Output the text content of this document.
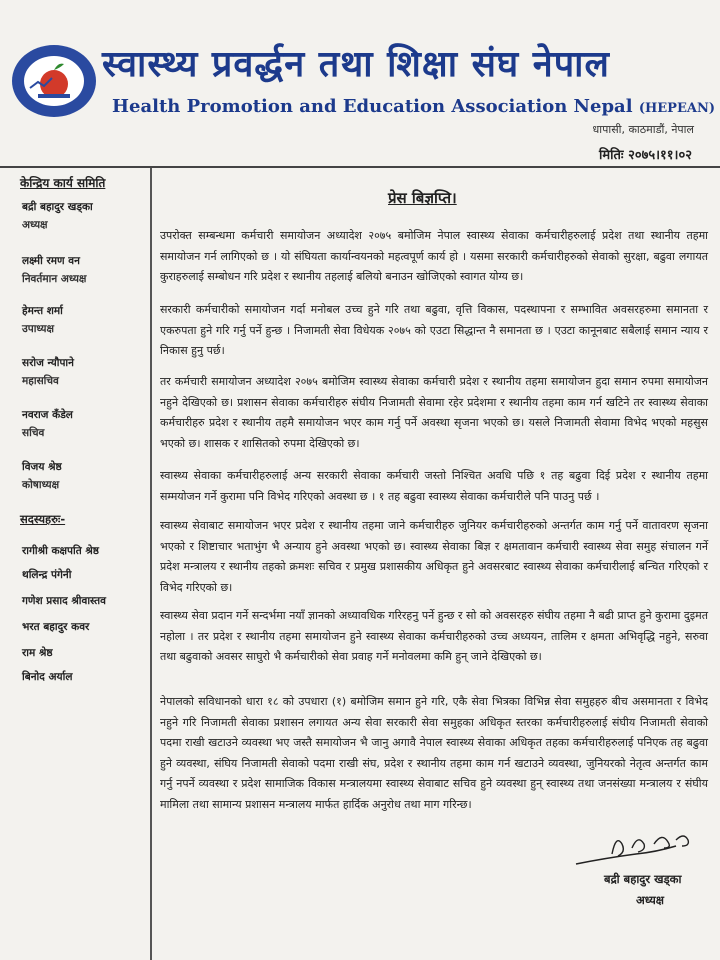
स्वास्थ्य प्रवर्द्धन तथा शिक्षा संघ नेपाल
Health Promotion and Education Association Nepal (HEPEAN)
धापासी, काठमाडौं, नेपाल
मितिः २०७५।११।०२
केन्द्रिय कार्य समिति
बद्री बहादुर खड्का
अध्यक्ष
लक्ष्मी रमण वन
निवर्तमान अध्यक्ष
हेमन्त शर्मा
उपाध्यक्ष
सरोज न्यौपाने
महासचिव
नवराज कँडेल
सचिव
विजय श्रेष्ठ
कोषाध्यक्ष
सदस्यहरुः-
रागीश्री कक्षपति श्रेष्ठ
थलिन्द्र पंगेनी
गणेश प्रसाद श्रीवास्तव
भरत बहादुर कवर
राम श्रेष्ठ
बिनोद अर्याल
प्रेस बिज्ञप्ति।

उपरोक्त सम्बन्धमा कर्मचारी समायोजन अध्यादेश २०७५ बमोजिम नेपाल स्वास्थ्य सेवाका कर्मचारीहरुलाई प्रदेश तथा स्थानीय तहमा समायोजन गर्न लागिएको छ । यो संघियता कार्यान्वयनको महत्वपूर्ण कार्य हो । यसमा सरकारी कर्मचारीहरुको सेवाको सुरक्षा, बढुवा लगायत कुराहरुलाई सम्बोधन गरि प्रदेश र स्थानीय तहलाई बलियो बनाउन खोजिएको स्वागत योग्य छ।

सरकारी कर्मचारीको समायोजन गर्दा मनोबल उच्च हुने गरि तथा बढुवा, वृत्ति विकास, पदस्थापना र सम्भावित अवसरहरुमा समानता र एकरुपता हुने गरि गर्नु पर्ने हुन्छ । निजामती सेवा विधेयक २०७५ को एउटा सिद्धान्त नै समानता छ । एउटा कानूनबाट सबैलाई समान न्याय र निकास हुनु पर्छ।

तर कर्मचारी समायोजन अध्यादेश २०७५ बमोजिम स्वास्थ्य सेवाका कर्मचारी प्रदेश र स्थानीय तहमा समायोजन हुदा समान रुपमा समायोजन नहुने देखिएको छ। प्रशासन सेवाका कर्मचारीहरु संघीय निजामती सेवामा रहेर प्रदेशमा र स्थानीय तहमा काम गर्न खटिने तर स्वास्थ्य सेवाका कर्मचारीहरु प्रदेश र स्थानीय तहमै समायोजन भएर काम गर्नु पर्ने अवस्था सृजना भएको छ। यसले निजामती सेवामा विभेद भएको महसुस भएको छ। शासक र शासितको रुपमा देखिएको छ।

स्वास्थ्य सेवाका कर्मचारीहरुलाई अन्य सरकारी सेवाका कर्मचारी जस्तो निश्चित अवधि पछि १ तह बढुवा दिई प्रदेश र स्थानीय तहमा सम्मयोजन गर्ने कुरामा पनि विभेद गरिएको अवस्था छ । १ तह बढुवा स्वास्थ्य सेवाका कर्मचारीले पनि पाउनु पर्छ ।

स्वास्थ्य सेवाबाट समायोजन भएर प्रदेश र स्थानीय तहमा जाने कर्मचारीहरु जुनियर कर्मचारीहरुको अन्तर्गत काम गर्नु पर्ने वातावरण सृजना भएको र शिष्टाचार भताभुंग भै अन्याय हुने अवस्था भएको छ। स्वास्थ्य सेवाका बिज्ञ र क्षमतावान कर्मचारी स्वास्थ्य सेवा समुह संचालन गर्ने प्रदेश मन्त्रालय र स्थानीय तहको क्रमशः सचिव र प्रमुख प्रशासकीय अधिकृत हुने अवसरबाट स्वास्थ्य सेवाका कर्मचारीलाई बन्चित गरिएको र विभेद गरिएको छ।

स्वास्थ्य सेवा प्रदान गर्ने सन्दर्भमा नयाँ ज्ञानको अध्यावधिक गरिरहनु पर्ने हुन्छ र सो को अवसरहरु संघीय तहमा नै बढी प्राप्त हुने कुरामा दुइमत नहोला । तर प्रदेश र स्थानीय तहमा समायोजन हुने स्वास्थ्य सेवाका कर्मचारीहरुको उच्च अध्ययन, तालिम र क्षमता अभिवृद्धि नहुने, सरुवा तथा बढुवाको अवसर साघुरो भै कर्मचारीको सेवा प्रवाह गर्ने मनोवलमा कमि हुन् जाने देखिएको छ।

नेपालको सविधानको धारा १८ को उपधारा (१) बमोजिम समान हुने गरि, एकै सेवा भित्रका विभिन्न सेवा समुहहरु बीच असमानता र विभेद नहुने गरि निजामती सेवाका प्रशासन लगायत अन्य सेवा सरकारी सेवा समुहका अधिकृत स्तरका कर्मचारीहरुलाई संघीय निजामती सेवाको पदमा राखी खटाउने व्यवस्था भए जस्तै समायोजन भै जानु अगावै नेपाल स्वास्थ्य सेवाका अधिकृत तहका कर्मचारीहरुलाई पनिएक तह बढुवा हुने व्यवस्था, संघिय निजामती सेवाको पदमा राखी संघ, प्रदेश र स्थानीय तहमा काम गर्न खटाउने व्यवस्था, जुनियरको नेतृत्व अन्तर्गत काम गर्नु नपर्ने व्यवस्था र प्रदेश सामाजिक विकास मन्त्रालयमा स्वास्थ्य सेवाबाट सचिव हुने व्यवस्था हुन् स्वास्थ्य तथा जनसंख्या मन्त्रालय र संघीय मामिला तथा सामान्य प्रशासन मन्त्रालय मार्फत हार्दिक अनुरोध तथा माग गरिन्छ।

बद्री बहादुर खड्का
अध्यक्ष
